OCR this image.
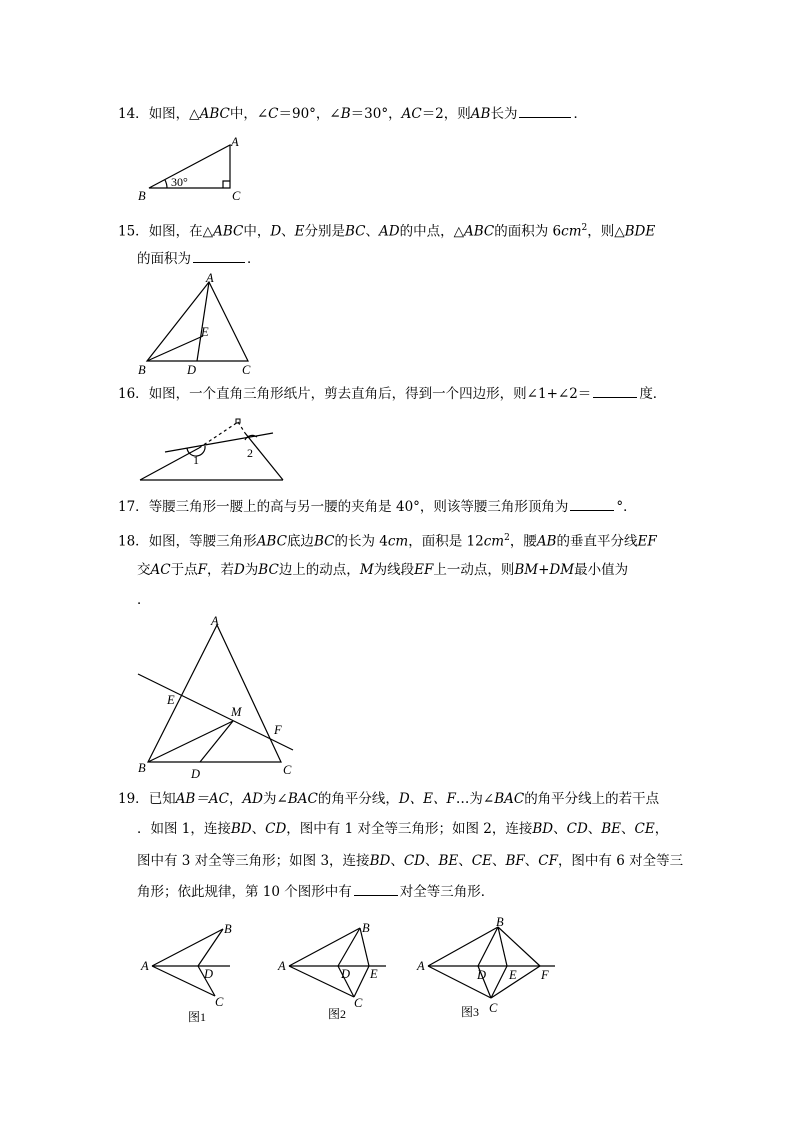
14．如图，△ABC中，∠C＝90°，∠B＝30°，AC＝2，则AB长为	．
A
B	C
30°
15．如图，在△ABC中，D、E分别是BC、AD的中点，△ABC的面积为 $6cm^2$，则△BDE
的面积为	．
A
B	C
D
E
16．如图，一个直角三角形纸片，剪去直角后，得到一个四边形，则∠1+∠2＝	度．
1	2
17．等腰三角形一腰上的高与另一腰的夹角是 40°，则该等腰三角形顶角为	°．
18．如图，等腰三角形ABC底边BC的长为 4cm，面积是 $12cm^2$，腰AB的垂直平分线EF
交AC于点F，若D为BC边上的动点，M为线段EF上一动点，则BM+DM最小值为
．
A
B	C
D
E
F
M
19．已知AB＝AC，AD为∠BAC的角平分线，D、E、F…为∠BAC的角平分线上的若干点
．如图 1，连接BD、CD，图中有 1 对全等三角形；如图 2，连接BD、CD、BE、CE，
图中有 3 对全等三角形；如图 3，连接BD、CD、BE、CE、BF、CF，图中有 6 对全等三
角形；依此规律，第 10 个图形中有	对全等三角形．
A
B
C
D
图1
A
B
C
D E
图2
A
B
C
D E F
图3
